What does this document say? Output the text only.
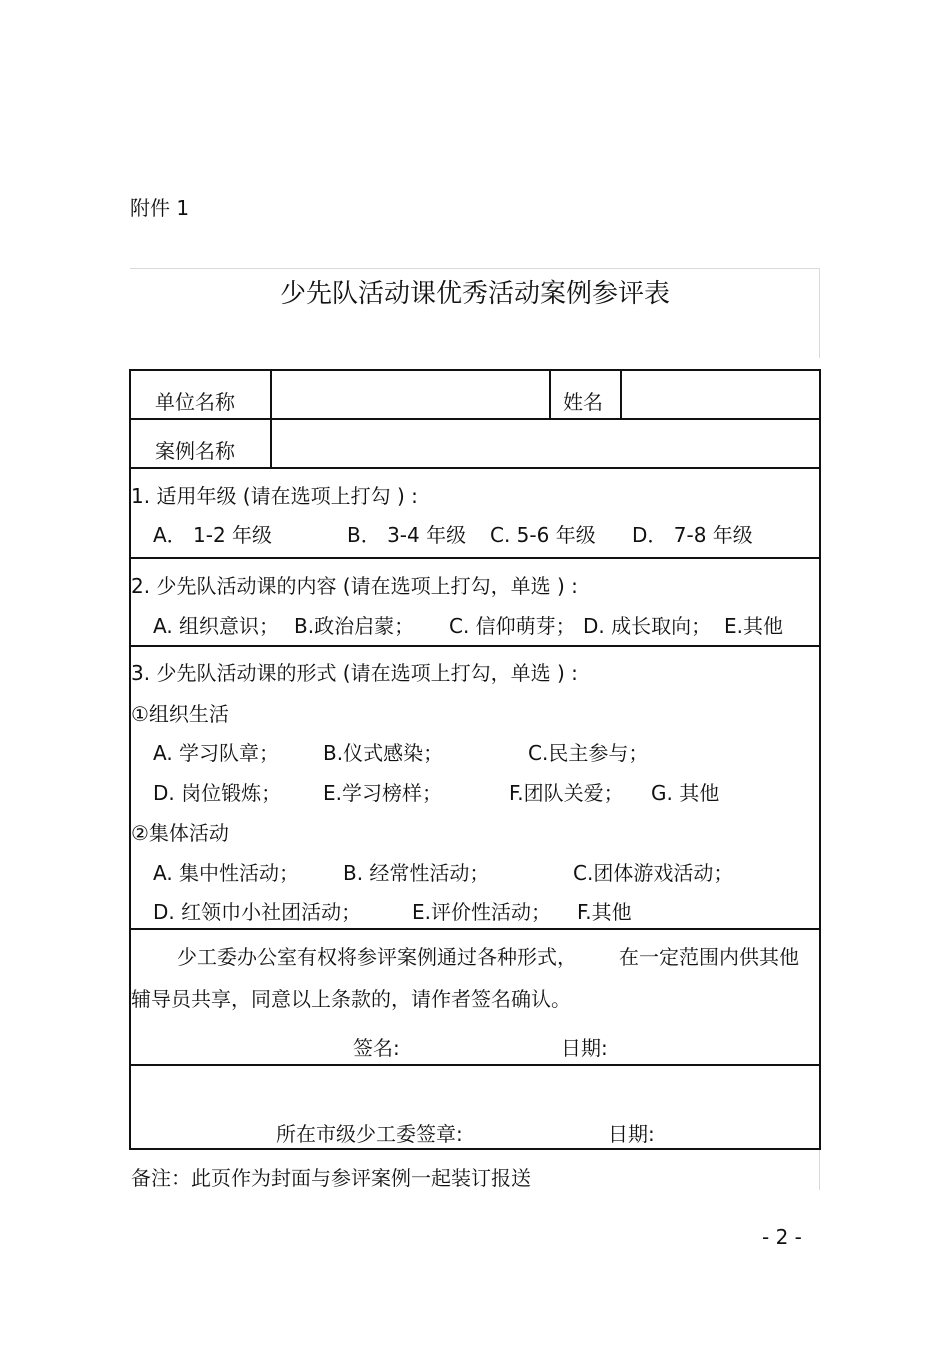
附件 1
少先队活动课优秀活动案例参评表
单位名称	姓名
案例名称
1. 适用年级 (请在选项上打勾 ) :
A． 1-2 年级	B． 3-4 年级 C. 5-6 年级 D． 7-8 年级
2. 少先队活动课的内容 (请在选项上打勾，单选 ) :
A. 组织意识； B.政治启蒙； C. 信仰萌芽； D. 成长取向； E.其他
3. 少先队活动课的形式 (请在选项上打勾，单选 ) :
①组织生活
A. 学习队章； B.仪式感染；	C.民主参与；
D. 岗位锻炼； E.学习榜样；	F.团队关爱； G. 其他
②集体活动
A. 集中性活动； B. 经常性活动；	C.团体游戏活动；
D. 红领巾小社团活动；	E.评价性活动； F.其他
少工委办公室有权将参评案例通过各种形式， 在一定范围内供其他
辅导员共享，同意以上条款的，请作者签名确认。
签名:	日期:
所在市级少工委签章:	日期:
备注：此页作为封面与参评案例一起装订报送
- 2 -
